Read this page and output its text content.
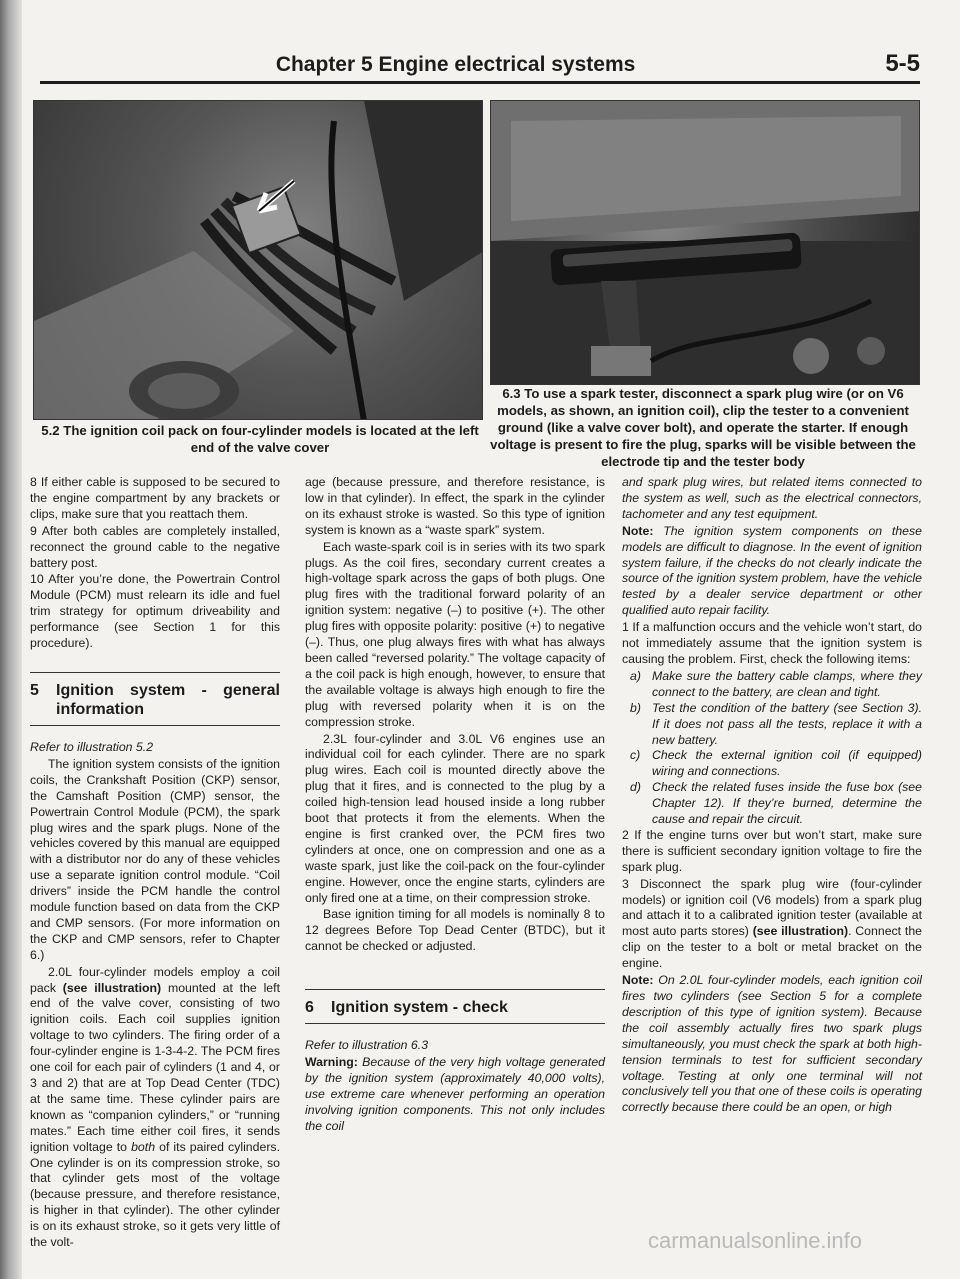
Chapter 5 Engine electrical systems	5-5
5.2 The ignition coil pack on four-cylinder models is located at the left end of the valve cover
6.3 To use a spark tester, disconnect a spark plug wire (or on V6 models, as shown, an ignition coil), clip the tester to a convenient ground (like a valve cover bolt), and operate the starter. If enough voltage is present to fire the plug, sparks will be visible between the electrode tip and the tester body

8 If either cable is supposed to be secured to the engine compartment by any brackets or clips, make sure that you reattach them.

9 After both cables are completely installed, reconnect the ground cable to the negative battery post.

10 After you’re done, the Powertrain Control Module (PCM) must relearn its idle and fuel trim strategy for optimum driveability and performance (see Section 1 for this procedure).

5	Ignition system - general information

Refer to illustration 5.2

The ignition system consists of the ignition coils, the Crankshaft Position (CKP) sensor, the Camshaft Position (CMP) sensor, the Powertrain Control Module (PCM), the spark plug wires and the spark plugs. None of the vehicles covered by this manual are equipped with a distributor nor do any of these vehicles use a separate ignition control module. “Coil drivers” inside the PCM handle the control module function based on data from the CKP and CMP sensors. (For more information on the CKP and CMP sensors, refer to Chapter 6.)

2.0L four-cylinder models employ a coil pack (see illustration) mounted at the left end of the valve cover, consisting of two ignition coils. Each coil supplies ignition voltage to two cylinders. The firing order of a four-cylinder engine is 1-3-4-2. The PCM fires one coil for each pair of cylinders (1 and 4, or 3 and 2) that are at Top Dead Center (TDC) at the same time. These cylinder pairs are known as “companion cylinders,” or “running mates.” Each time either coil fires, it sends ignition voltage to both of its paired cylinders. One cylinder is on its compression stroke, so that cylinder gets most of the voltage (because pressure, and therefore resistance, is higher in that cylinder). The other cylinder is on its exhaust stroke, so it gets very little of the volt-

age (because pressure, and therefore resistance, is low in that cylinder). In effect, the spark in the cylinder on its exhaust stroke is wasted. So this type of ignition system is known as a “waste spark” system.

Each waste-spark coil is in series with its two spark plugs. As the coil fires, secondary current creates a high-voltage spark across the gaps of both plugs. One plug fires with the traditional forward polarity of an ignition system: negative (–) to positive (+). The other plug fires with opposite polarity: positive (+) to negative (–). Thus, one plug always fires with what has always been called “reversed polarity.” The voltage capacity of a the coil pack is high enough, however, to ensure that the available voltage is always high enough to fire the plug with reversed polarity when it is on the compression stroke.

2.3L four-cylinder and 3.0L V6 engines use an individual coil for each cylinder. There are no spark plug wires. Each coil is mounted directly above the plug that it fires, and is connected to the plug by a coiled high-tension lead housed inside a long rubber boot that protects it from the elements. When the engine is first cranked over, the PCM fires two cylinders at once, one on compression and one as a waste spark, just like the coil-pack on the four-cylinder engine. However, once the engine starts, cylinders are only fired one at a time, on their compression stroke.

Base ignition timing for all models is nominally 8 to 12 degrees Before Top Dead Center (BTDC), but it cannot be checked or adjusted.

6	Ignition system - check

Refer to illustration 6.3

Warning: Because of the very high voltage generated by the ignition system (approximately 40,000 volts), use extreme care whenever performing an operation involving ignition components. This not only includes the coil

and spark plug wires, but related items connected to the system as well, such as the electrical connectors, tachometer and any test equipment.

Note: The ignition system components on these models are difficult to diagnose. In the event of ignition system failure, if the checks do not clearly indicate the source of the ignition system problem, have the vehicle tested by a dealer service department or other qualified auto repair facility.

1 If a malfunction occurs and the vehicle won’t start, do not immediately assume that the ignition system is causing the problem. First, check the following items:

a) Make sure the battery cable clamps, where they connect to the battery, are clean and tight.
b) Test the condition of the battery (see Section 3). If it does not pass all the tests, replace it with a new battery.
c) Check the external ignition coil (if equipped) wiring and connections.
d) Check the related fuses inside the fuse box (see Chapter 12). If they’re burned, determine the cause and repair the circuit.

2 If the engine turns over but won’t start, make sure there is sufficient secondary ignition voltage to fire the spark plug.

3 Disconnect the spark plug wire (four-cylinder models) or ignition coil (V6 models) from a spark plug and attach it to a calibrated ignition tester (available at most auto parts stores) (see illustration). Connect the clip on the tester to a bolt or metal bracket on the engine.

Note: On 2.0L four-cylinder models, each ignition coil fires two cylinders (see Section 5 for a complete description of this type of ignition system). Because the coil assembly actually fires two spark plugs simultaneously, you must check the spark at both high-tension terminals to test for sufficient secondary voltage. Testing at only one terminal will not conclusively tell you that one of these coils is operating correctly because there could be an open, or high

carmanualsonline.info
